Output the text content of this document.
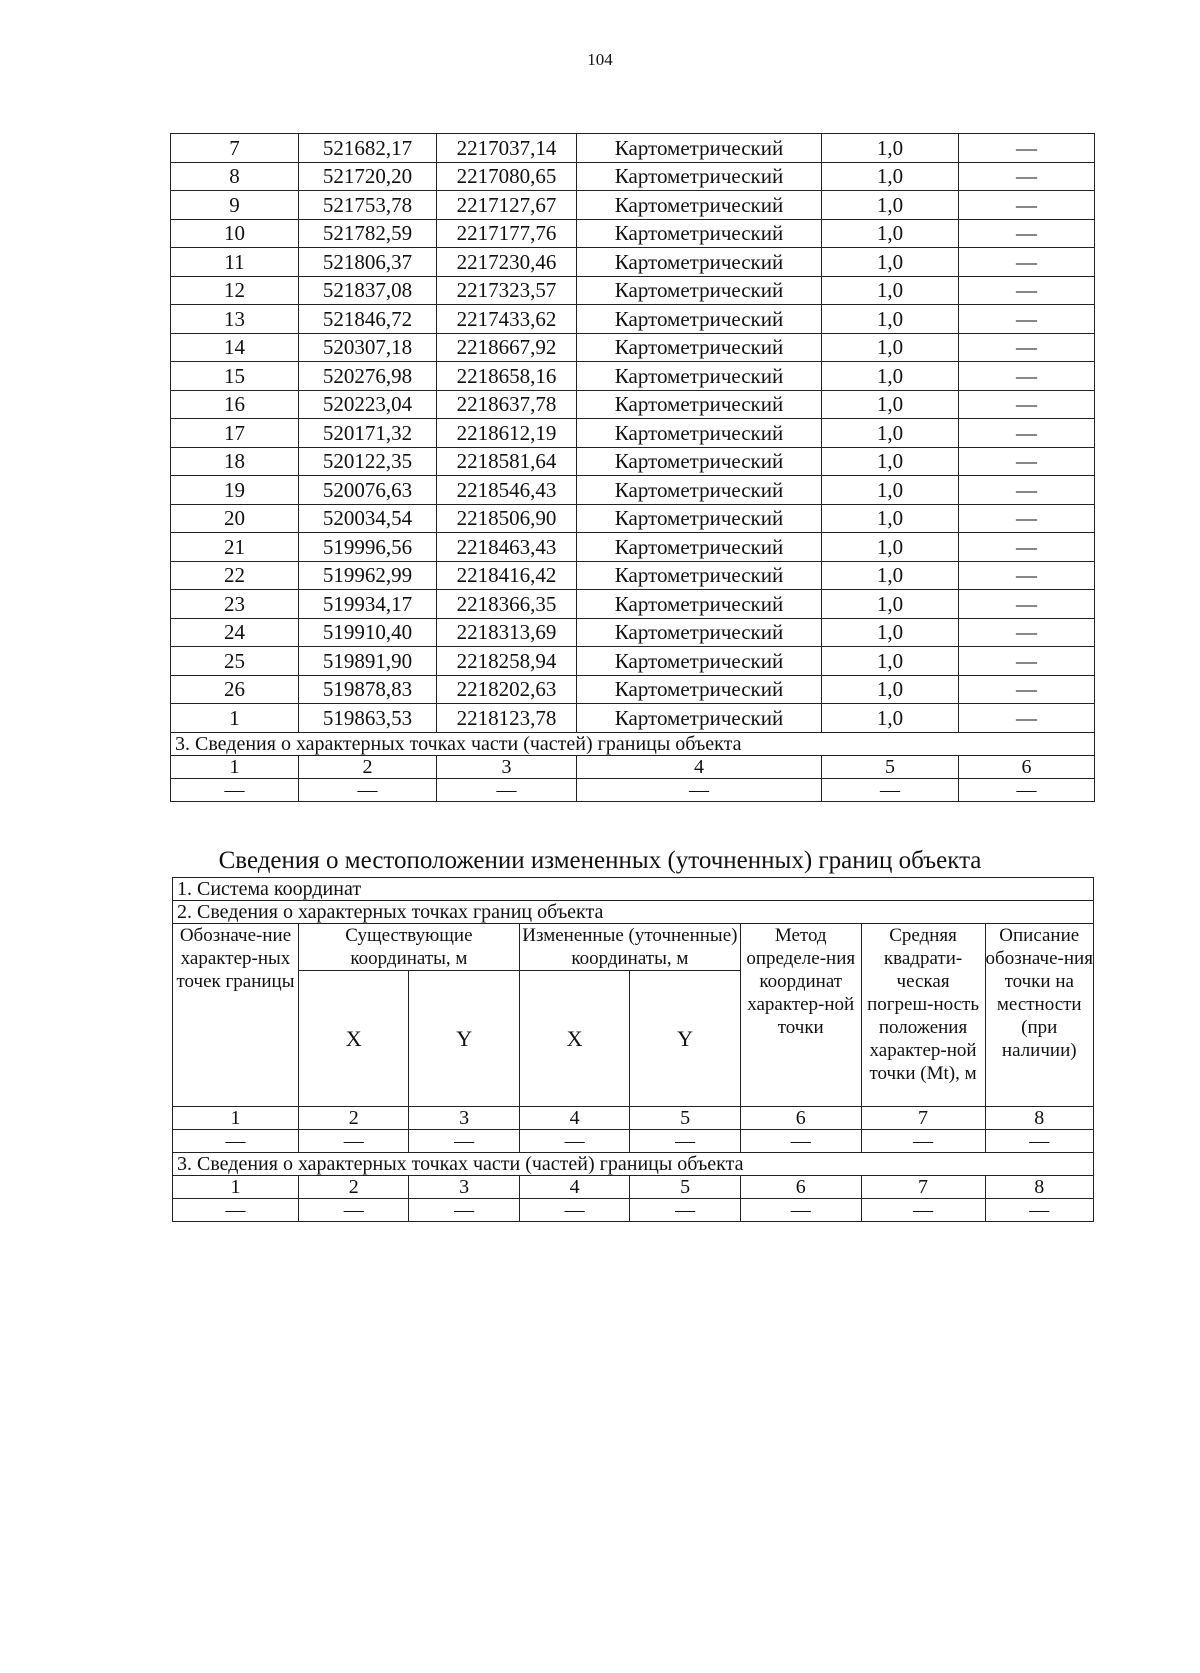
104
7	521682,17	2217037,14	Картометрический	1,0	—
8	521720,20	2217080,65	Картометрический	1,0	—
9	521753,78	2217127,67	Картометрический	1,0	—
10	521782,59	2217177,76	Картометрический	1,0	—
11	521806,37	2217230,46	Картометрический	1,0	—
12	521837,08	2217323,57	Картометрический	1,0	—
13	521846,72	2217433,62	Картометрический	1,0	—
14	520307,18	2218667,92	Картометрический	1,0	—
15	520276,98	2218658,16	Картометрический	1,0	—
16	520223,04	2218637,78	Картометрический	1,0	—
17	520171,32	2218612,19	Картометрический	1,0	—
18	520122,35	2218581,64	Картометрический	1,0	—
19	520076,63	2218546,43	Картометрический	1,0	—
20	520034,54	2218506,90	Картометрический	1,0	—
21	519996,56	2218463,43	Картометрический	1,0	—
22	519962,99	2218416,42	Картометрический	1,0	—
23	519934,17	2218366,35	Картометрический	1,0	—
24	519910,40	2218313,69	Картометрический	1,0	—
25	519891,90	2218258,94	Картометрический	1,0	—
26	519878,83	2218202,63	Картометрический	1,0	—
1	519863,53	2218123,78	Картометрический	1,0	—
3. Сведения о характерных точках части (частей) границы объекта					
1	2	3	4	5	6
—	—	—	—	—	—
Сведения о местоположении измененных (уточненных) границ объекта
1. Система координат							
2. Сведения о характерных точках границ объекта							
Обозначе-ние характер-ных точек границы	Существующие координаты, м		Измененные (уточненные) координаты, м		Метод определе-ния координат характер-ной точки	Средняя квадрати-ческая погреш-ность положения характер-ной точки (Mt), м	Описание обозначе-ния точки на местности (при наличии)
	X	Y	X	Y			
1	2	3	4	5	6	7	8
—	—	—	—	—	—	—	—
3. Сведения о характерных точках части (частей) границы объекта							
1	2	3	4	5	6	7	8
—	—	—	—	—	—	—	—
